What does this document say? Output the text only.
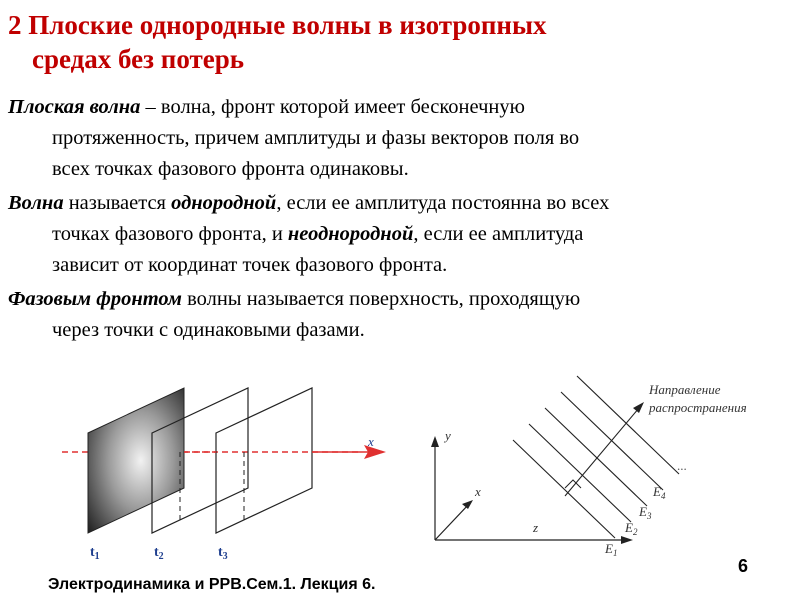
2 Плоские однородные волны в изотропных
средах без потерь
Плоская волна – волна, фронт которой имеет бесконечную
протяженность, причем амплитуды и фазы векторов поля во
всех точках фазового фронта одинаковы.
Волна называется однородной, если ее амплитуда постоянна во всех
точках фазового фронта, и неоднородной, если ее амплитуда
зависит от координат точек фазового фронта.
Фазовым фронтом волны называется поверхность, проходящую
через точки с одинаковыми фазами.
x
$t_1$	$t_2$	$t_3$
y
x
z
Направление
распространения
...
$E_1$
$E_2$
$E_3$
$E_4$
6
Электродинамика и РРВ.Сем.1. Лекция 6.
